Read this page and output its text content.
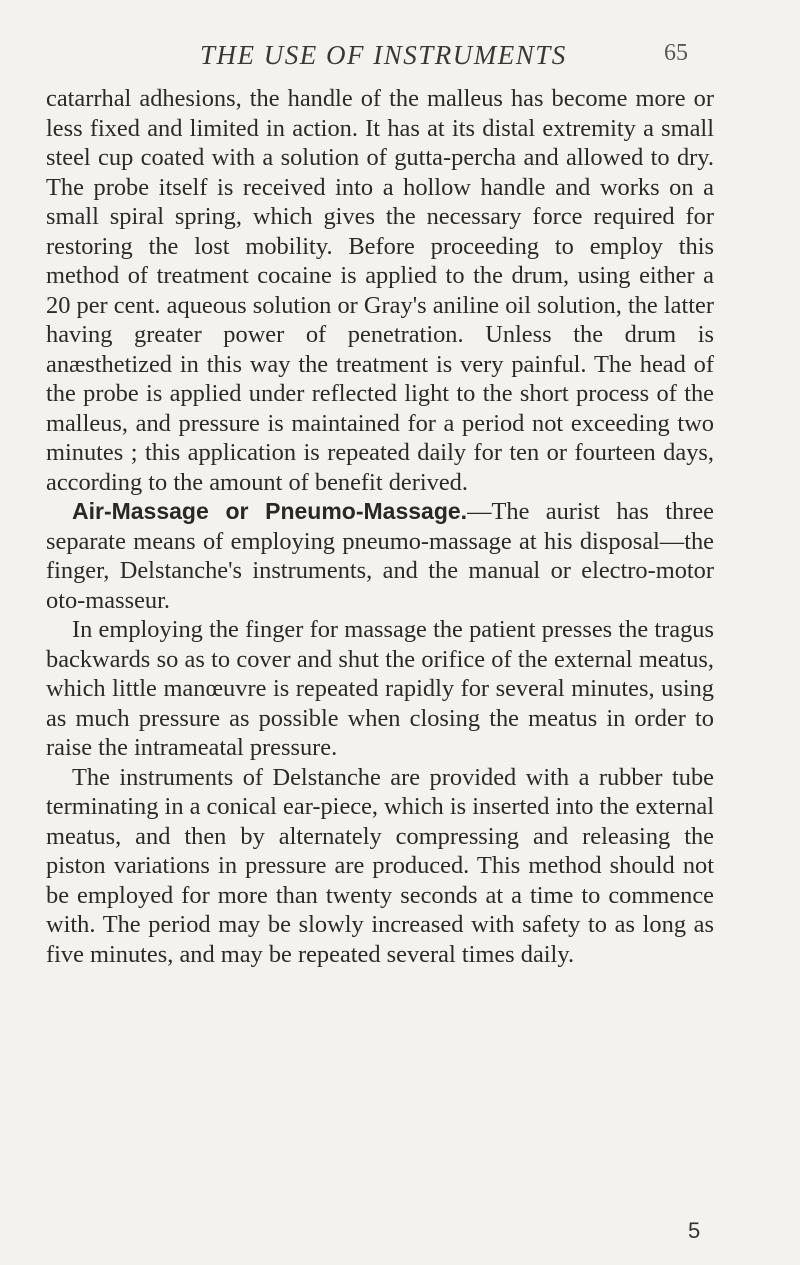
THE USE OF INSTRUMENTS	65

catarrhal adhesions, the handle of the malleus has become more or less fixed and limited in action. It has at its distal extremity a small steel cup coated with a solution of gutta-percha and allowed to dry. The probe itself is received into a hollow handle and works on a small spiral spring, which gives the necessary force required for restoring the lost mobility. Before proceeding to employ this method of treatment cocaine is applied to the drum, using either a 20 per cent. aqueous solution or Gray's aniline oil solution, the latter having greater power of penetration. Unless the drum is anæsthetized in this way the treatment is very painful. The head of the probe is applied under reflected light to the short process of the malleus, and pressure is maintained for a period not exceeding two minutes ; this application is repeated daily for ten or fourteen days, according to the amount of benefit derived.

Air-Massage or Pneumo-Massage.—The aurist has three separate means of employing pneumo-massage at his disposal—the finger, Delstanche's instruments, and the manual or electro-motor oto-masseur.

In employing the finger for massage the patient presses the tragus backwards so as to cover and shut the orifice of the external meatus, which little manœuvre is repeated rapidly for several minutes, using as much pressure as possible when closing the meatus in order to raise the intrameatal pressure.

The instruments of Delstanche are provided with a rubber tube terminating in a conical ear-piece, which is inserted into the external meatus, and then by alternately compressing and releasing the piston variations in pressure are produced. This method should not be employed for more than twenty seconds at a time to commence with. The period may be slowly increased with safety to as long as five minutes, and may be repeated several times daily.

5
